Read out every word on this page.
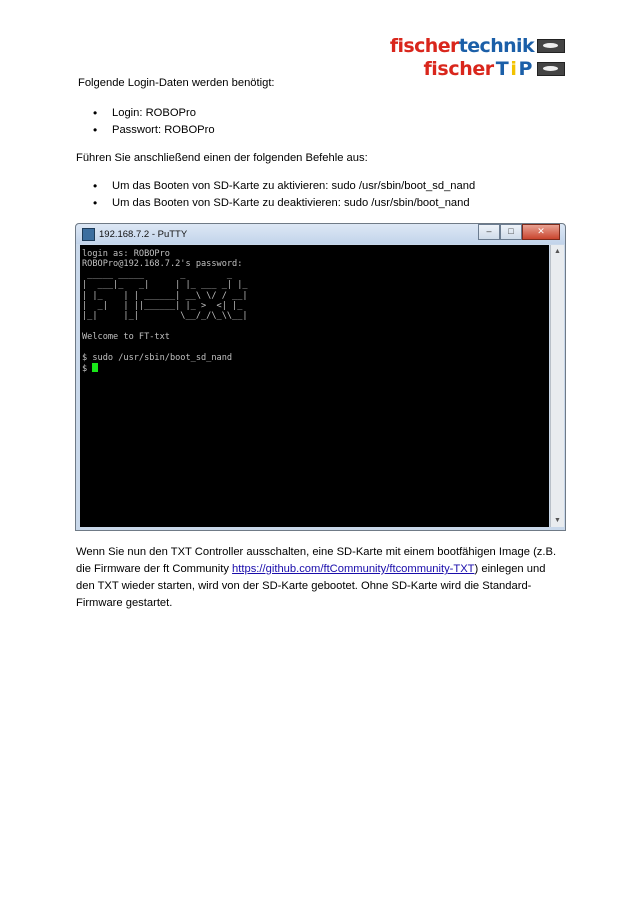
fischer technik
fischer T i P
Folgende Login-Daten werden benötigt:
• Login: ROBOPro
• Passwort: ROBOPro
Führen Sie anschließend einen der folgenden Befehle aus:
• Um das Booten von SD-Karte zu aktivieren: sudo /usr/sbin/boot_sd_nand
• Um das Booten von SD-Karte zu deaktivieren: sudo /usr/sbin/boot_nand
192.168.7.2 - PuTTY	–	□	✕
login as: ROBOPro
ROBOPro@192.168.7.2's password:
_____ _____       _        _
|  ___|_   _|     | |_ ___ _| |_
| |_    | | ______| __\ \/ / __|
|  _|   | ||______| |_ >  <| |_
|_|     |_|        \__/_/\_\\__|

Welcome to FT-txt

$ sudo /usr/sbin/boot_sd_nand
$
▲
▼
Wenn Sie nun den TXT Controller ausschalten, eine SD-Karte mit einem bootfähigen Image (z.B. die Firmware der ft Community https://github.com/ftCommunity/ftcommunity-TXT) einlegen und den TXT wieder starten, wird von der SD-Karte gebootet. Ohne SD-Karte wird die Standard-Firmware gestartet.
